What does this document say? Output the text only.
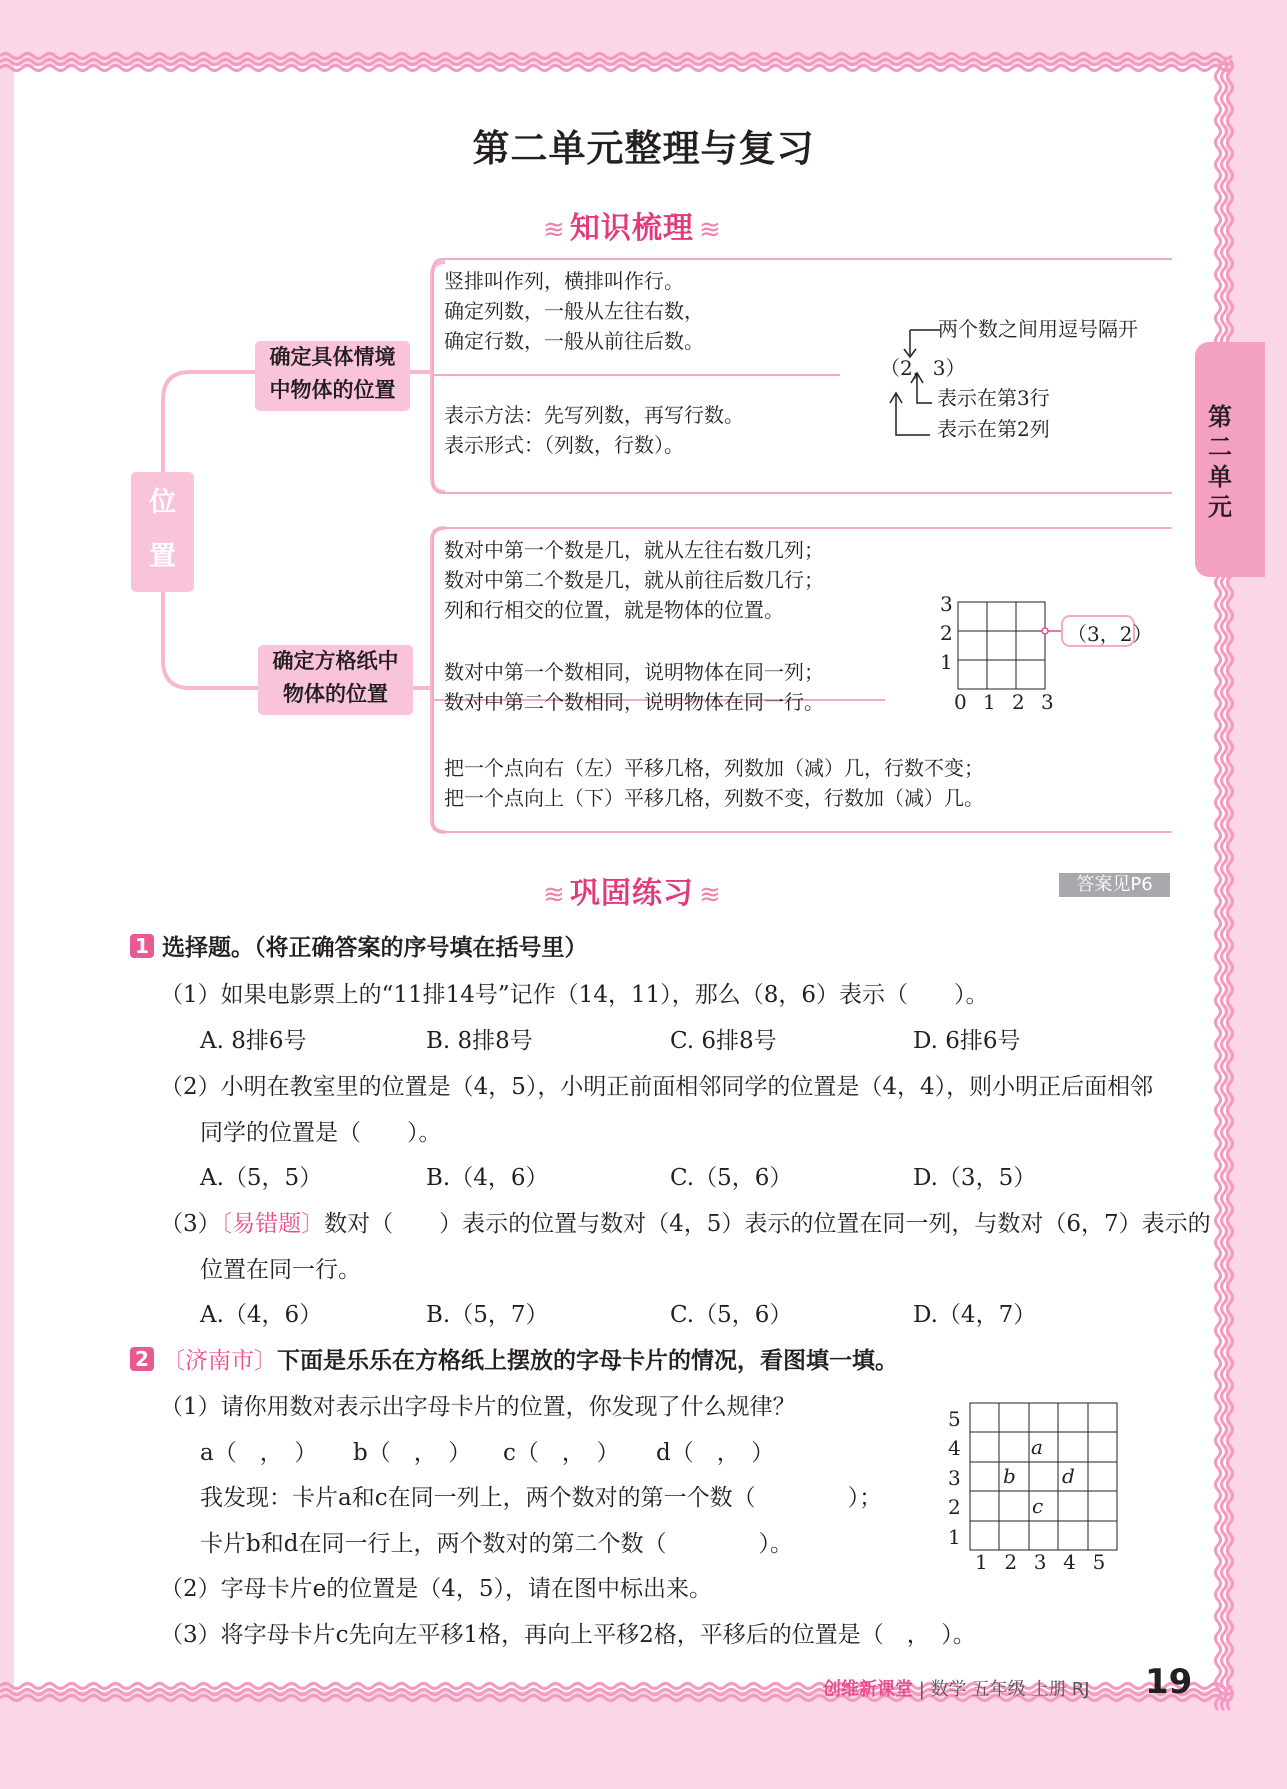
第二单元整理与复习
第
二
单
元
≋ 知识梳理 ≋
位
置
确定具体情境
中物体的位置
确定方格纸中
物体的位置
竖排叫作列，横排叫作行。
确定列数，一般从左往右数，
确定行数，一般从前往后数。
表示方法：先写列数，再写行数。
表示形式：（列数，行数）。
两个数之间用逗号隔开
（2，3）
表示在第3行
表示在第2列
数对中第一个数是几，就从左往右数几列；
数对中第二个数是几，就从前往后数几行；
列和行相交的位置，就是物体的位置。
数对中第一个数相同，说明物体在同一列；
数对中第二个数相同，说明物体在同一行。
把一个点向右（左）平移几格，列数加（减）几，行数不变；
把一个点向上（下）平移几格，列数不变，行数加（减）几。
3
2
1
0 1 2 3
（3，2）
≋ 巩固练习 ≋	答案见P6
1 选择题。（将正确答案的序号填在括号里）
（1）如果电影票上的“11排14号”记作（14，11），那么（8，6）表示（　　）。
A. 8排6号	B. 8排8号	C. 6排8号	D. 6排6号
（2）小明在教室里的位置是（4，5），小明正前面相邻同学的位置是（4，4），则小明正后面相邻
同学的位置是（　　）。
A.（5，5）	B.（4，6）	C.（5，6）	D.（3，5）
（3）〔易错题〕数对（　　）表示的位置与数对（4，5）表示的位置在同一列，与数对（6，7）表示的
位置在同一行。
A.（4，6）	B.（5，7）	C.（5，6）	D.（4，7）
2 〔济南市〕下面是乐乐在方格纸上摆放的字母卡片的情况，看图填一填。
（1）请你用数对表示出字母卡片的位置，你发现了什么规律？
a（　，　） b（　，　） c（　，　） d（　，　）
我发现：卡片a和c在同一列上，两个数对的第一个数（　　　　）；
卡片b和d在同一行上，两个数对的第二个数（　　　　）。
（2）字母卡片e的位置是（4，5），请在图中标出来。
（3）将字母卡片c先向左平移1格，再向上平移2格，平移后的位置是（　，　）。
5
4
3
2
1
1 2 3 4 5
a
b d
c
创维新课堂 | 数学 五年级 上册 RJ 19
